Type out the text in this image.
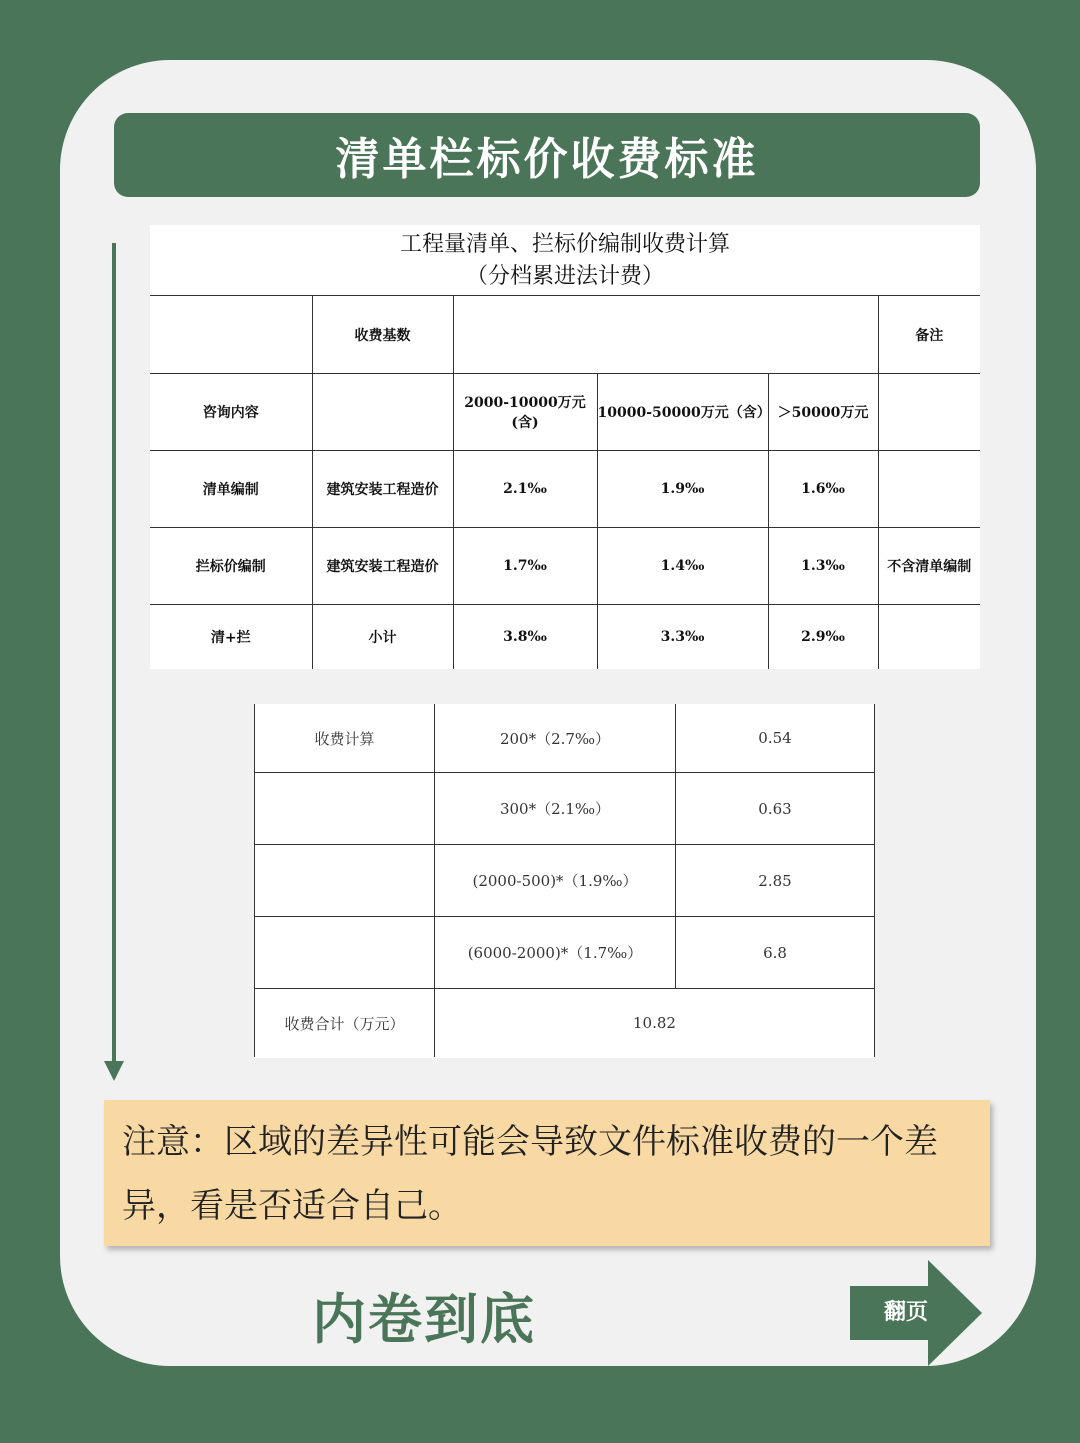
清单栏标价收费标准
工程量清单、拦标价编制收费计算
（分档累进法计费）
	收费基数				备注
咨询内容		2000-10000万元(含)	10000-50000万元（含）	＞50000万元	
清单编制	建筑安装工程造价	2.1‰	1.9‰	1.6‰	
拦标价编制	建筑安装工程造价	1.7‰	1.4‰	1.3‰	不含清单编制
清+拦	小计	3.8‰	3.3‰	2.9‰	
收费计算	200*（2.7‰）	0.54
	300*（2.1‰）	0.63
	(2000-500)*（1.9‰）	2.85
	(6000-2000)*（1.7‰）	6.8
收费合计（万元）	10.82	
注意：区域的差异性可能会导致文件标准收费的一个差异，看是否适合自己。
内卷到底	翻页
